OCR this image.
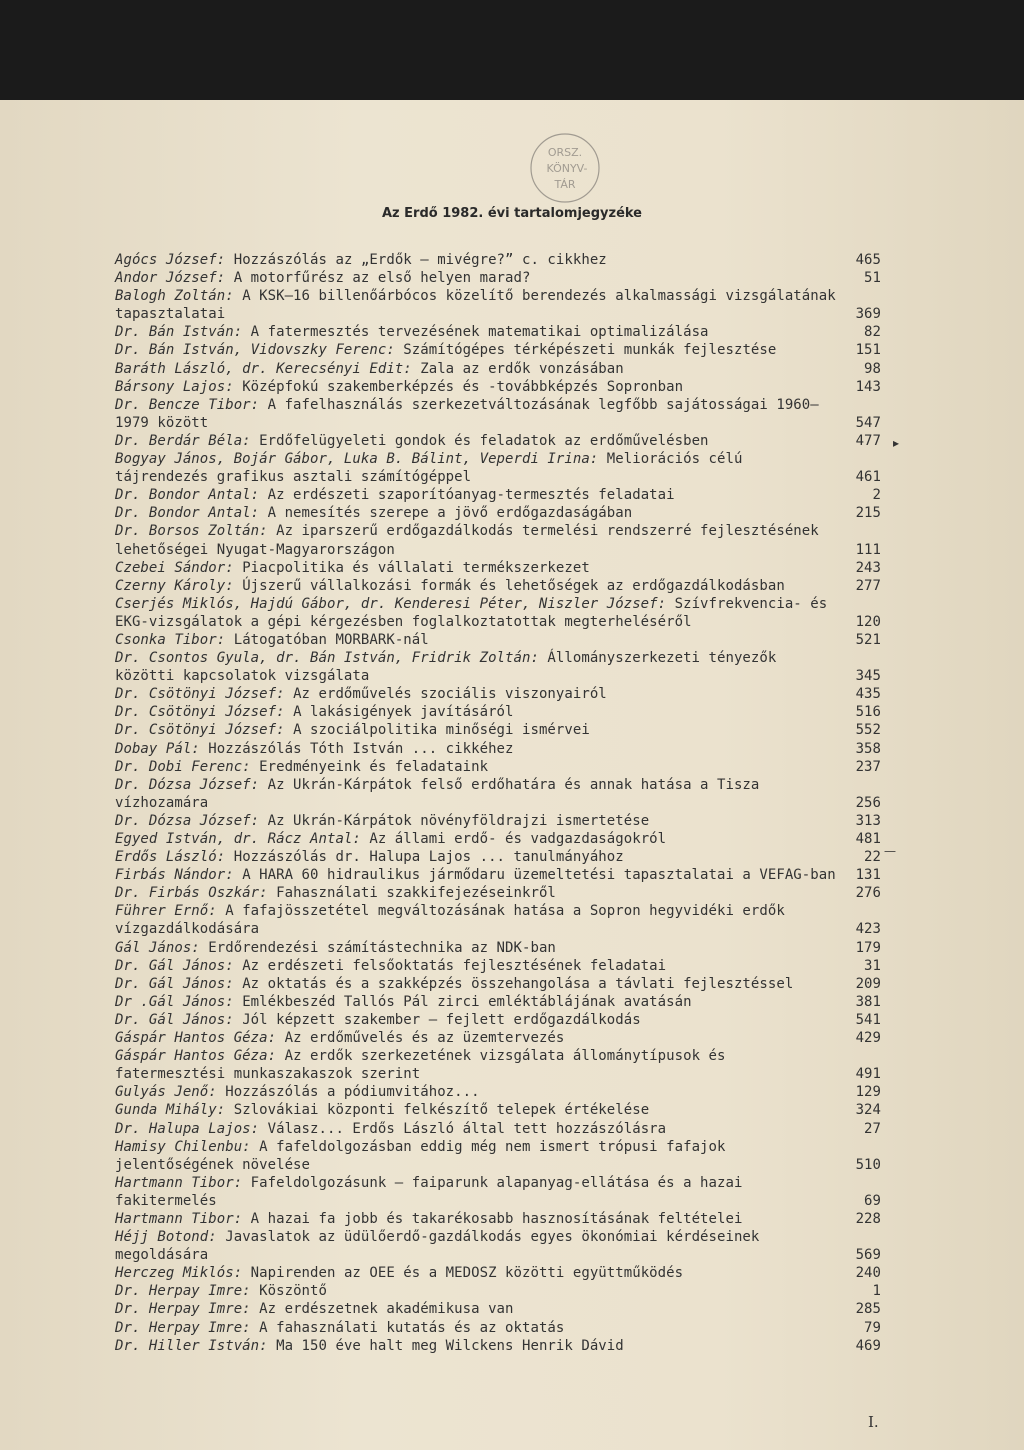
ORSZ.
KÖNYV-
TÁR
Az Erdő 1982. évi tartalomjegyzéke
Agócs József: Hozzászólás az „Erdők — mivégre?” c. cikkhez	465
Andor József: A motorfűrész az első helyen marad?	51
Balogh Zoltán: A KSK—16 billenőárbócos közelítő berendezés alkalmassági vizsgálatának tapasztalatai	369
Dr. Bán István: A fatermesztés tervezésének matematikai optimalizálása	82
Dr. Bán István, Vidovszky Ferenc: Számítógépes térképészeti munkák fejlesztése	151
Baráth László, dr. Kerecsényi Edit: Zala az erdők vonzásában	98
Bársony Lajos: Középfokú szakemberképzés és -továbbképzés Sopronban	143
Dr. Bencze Tibor: A fafelhasználás szerkezetváltozásának legfőbb sajátosságai 1960—1979 között	547
Dr. Berdár Béla: Erdőfelügyeleti gondok és feladatok az erdőművelésben	477
Bogyay János, Bojár Gábor, Luka B. Bálint, Veperdi Irina: Meliorációs célú tájrendezés grafikus asztali számítógéppel	461
Dr. Bondor Antal: Az erdészeti szaporítóanyag-termesztés feladatai	2
Dr. Bondor Antal: A nemesítés szerepe a jövő erdőgazdaságában	215
Dr. Borsos Zoltán: Az iparszerű erdőgazdálkodás termelési rendszerré fejlesztésének lehetőségei Nyugat-Magyarországon	111
Czebei Sándor: Piacpolitika és vállalati termékszerkezet	243
Czerny Károly: Újszerű vállalkozási formák és lehetőségek az erdőgazdálkodásban	277
Cserjés Miklós, Hajdú Gábor, dr. Kenderesi Péter, Niszler József: Szívfrekvencia- és EKG-vizsgálatok a gépi kérgezésben foglalkoztatottak megterheléséről	120
Csonka Tibor: Látogatóban MORBARK-nál	521
Dr. Csontos Gyula, dr. Bán István, Fridrik Zoltán: Állományszerkezeti tényezők közötti kapcsolatok vizsgálata	345
Dr. Csötönyi József: Az erdőművelés szociális viszonyairól	435
Dr. Csötönyi József: A lakásigények javításáról	516
Dr. Csötönyi József: A szociálpolitika minőségi ismérvei	552
Dobay Pál: Hozzászólás Tóth István ... cikkéhez	358
Dr. Dobi Ferenc: Eredményeink és feladataink	237
Dr. Dózsa József: Az Ukrán-Kárpátok felső erdőhatára és annak hatása a Tisza vízhozamára	256
Dr. Dózsa József: Az Ukrán-Kárpátok növényföldrajzi ismertetése	313
Egyed István, dr. Rácz Antal: Az állami erdő- és vadgazdaságokról	481
Erdős László: Hozzászólás dr. Halupa Lajos ... tanulmányához	22
Firbás Nándor: A HARA 60 hidraulikus jármődaru üzemeltetési tapasztalatai a VEFAG-ban	131
Dr. Firbás Oszkár: Fahasználati szakkifejezéseinkről	276
Führer Ernő: A fafajösszetétel megváltozásának hatása a Sopron hegyvidéki erdők vízgazdálkodására	423
Gál János: Erdőrendezési számítástechnika az NDK-ban	179
Dr. Gál János: Az erdészeti felsőoktatás fejlesztésének feladatai	31
Dr. Gál János: Az oktatás és a szakképzés összehangolása a távlati fejlesztéssel	209
Dr .Gál János: Emlékbeszéd Tallós Pál zirci emléktáblájának avatásán	381
Dr. Gál János: Jól képzett szakember — fejlett erdőgazdálkodás	541
Gáspár Hantos Géza: Az erdőművelés és az üzemtervezés	429
Gáspár Hantos Géza: Az erdők szerkezetének vizsgálata állománytípusok és fatermesztési munkaszakaszok szerint	491
Gulyás Jenő: Hozzászólás a pódiumvitához...	129
Gunda Mihály: Szlovákiai központi felkészítő telepek értékelése	324
Dr. Halupa Lajos: Válasz... Erdős László által tett hozzászólásra	27
Hamisy Chilenbu: A fafeldolgozásban eddig még nem ismert trópusi fafajok jelentőségének növelése	510
Hartmann Tibor: Fafeldolgozásunk — faiparunk alapanyag-ellátása és a hazai fakitermelés	69
Hartmann Tibor: A hazai fa jobb és takarékosabb hasznosításának feltételei	228
Héjj Botond: Javaslatok az üdülőerdő-gazdálkodás egyes ökonómiai kérdéseinek megoldására	569
Herczeg Miklós: Napirenden az OEE és a MEDOSZ közötti együttműködés	240
Dr. Herpay Imre: Köszöntő	1
Dr. Herpay Imre: Az erdészetnek akadémikusa van	285
Dr. Herpay Imre: A fahasználati kutatás és az oktatás	79
Dr. Hiller István: Ma 150 éve halt meg Wilckens Henrik Dávid	469
▸
—
I.
